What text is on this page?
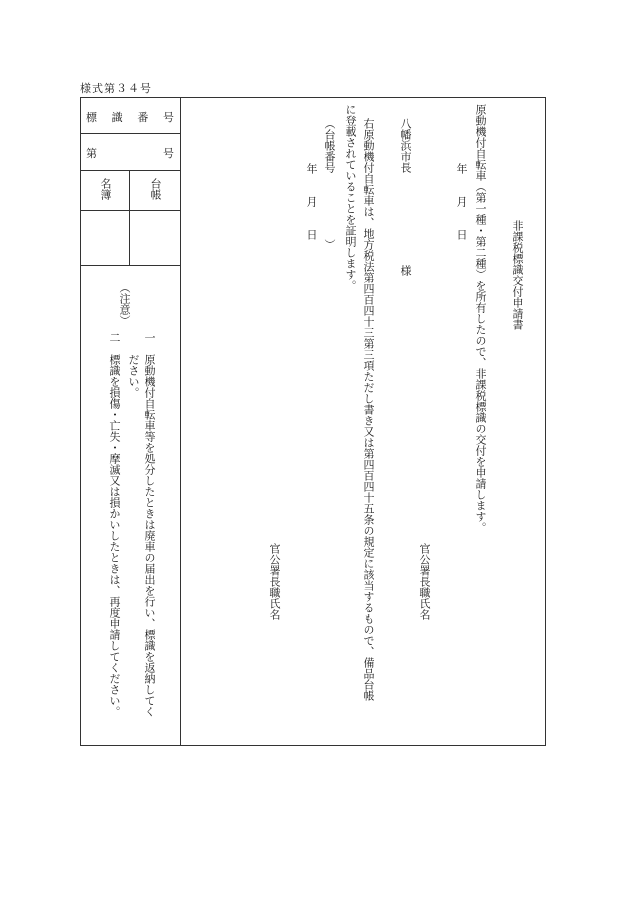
様式第３４号
標 識 番 号
第	号
名簿	台帳
（注意）
一
原動機付自転車等を処分したときは廃車の届出を行い、標識を返納してく
ださい。
二
標識を損傷・亡失・摩滅又は損かいしたときは、再度申請してください。
非課税標識交付申請書
原動機付自転車（第一種・第二種）を所有したので、非課税標識の交付を申請します。
年　　月　　日
官公署長職氏名
八幡浜市長
様
右原動機付自転車は、地方税法第四百四十三第三項ただし書き又は第四百四十五条の規定に該当するもので、備品台帳
に登載されていることを証明します。
（台帳番号　　　　　　）
年　　月　　日
官公署長職氏名
